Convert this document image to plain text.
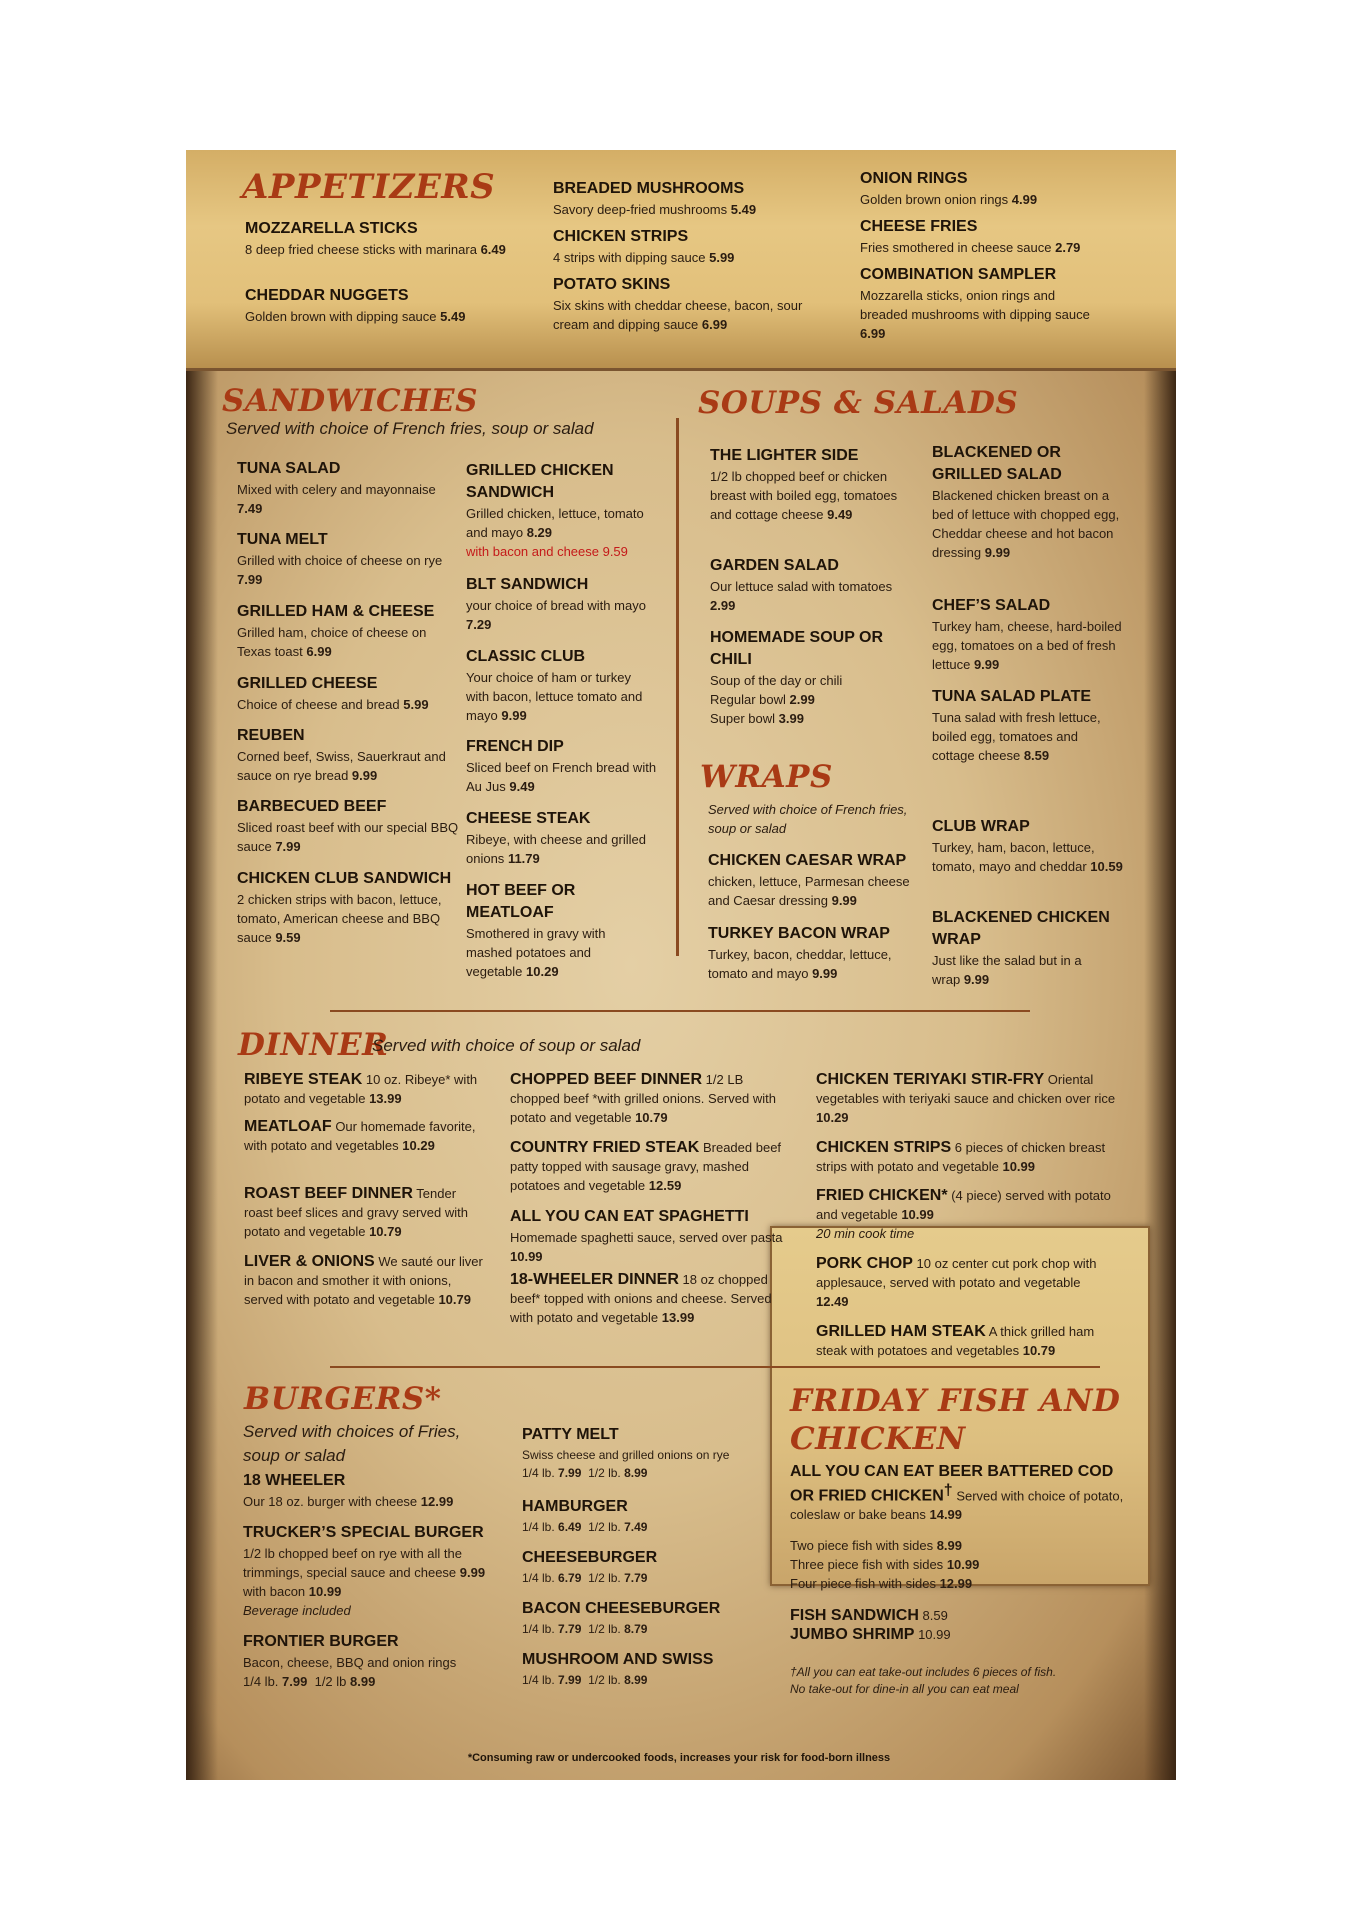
APPETIZERS
MOZZARELLA STICKS
8 deep fried cheese sticks with marinara 6.49
CHEDDAR NUGGETS
Golden brown with dipping sauce 5.49
BREADED MUSHROOMS
Savory deep-fried mushrooms 5.49
CHICKEN STRIPS
4 strips with dipping sauce 5.99
POTATO SKINS
Six skins with cheddar cheese, bacon, sour cream and dipping sauce 6.99
ONION RINGS
Golden brown onion rings 4.99
CHEESE FRIES
Fries smothered in cheese sauce 2.79
COMBINATION SAMPLER
Mozzarella sticks, onion rings and breaded mushrooms with dipping sauce 6.99
SANDWICHES

Served with choice of French fries, soup or salad

TUNA SALAD
Mixed with celery and mayonnaise 7.49
TUNA MELT
Grilled with choice of cheese on rye 7.99
GRILLED HAM & CHEESE
Grilled ham, choice of cheese on Texas toast 6.99
GRILLED CHEESE
Choice of cheese and bread 5.99
REUBEN
Corned beef, Swiss, Sauerkraut and sauce on rye bread 9.99
BARBECUED BEEF
Sliced roast beef with our special BBQ sauce 7.99
CHICKEN CLUB SANDWICH
2 chicken strips with bacon, lettuce, tomato, American cheese and BBQ sauce 9.59
GRILLED CHICKEN SANDWICH
Grilled chicken, lettuce, tomato and mayo 8.29
with bacon and cheese 9.59
BLT SANDWICH
your choice of bread with mayo 7.29
CLASSIC CLUB
Your choice of ham or turkey with bacon, lettuce tomato and mayo 9.99
FRENCH DIP
Sliced beef on French bread with Au Jus 9.49
CHEESE STEAK
Ribeye, with cheese and grilled onions 11.79
HOT BEEF OR MEATLOAF
Smothered in gravy with mashed potatoes and vegetable 10.29
SOUPS & SALADS
THE LIGHTER SIDE
1/2 lb chopped beef or chicken breast with boiled egg, tomatoes and cottage cheese 9.49
GARDEN SALAD
Our lettuce salad with tomatoes 2.99
HOMEMADE SOUP OR CHILI
Soup of the day or chili
Regular bowl 2.99
Super bowl 3.99
BLACKENED OR GRILLED SALAD
Blackened chicken breast on a bed of lettuce with chopped egg, Cheddar cheese and hot bacon dressing 9.99
CHEF’S SALAD
Turkey ham, cheese, hard-boiled egg, tomatoes on a bed of fresh lettuce 9.99
TUNA SALAD PLATE
Tuna salad with fresh lettuce, boiled egg, tomatoes and cottage cheese 8.59
WRAPS
Served with choice of French fries, soup or salad
CHICKEN CAESAR WRAP
chicken, lettuce, Parmesan cheese and Caesar dressing 9.99
TURKEY BACON WRAP
Turkey, bacon, cheddar, lettuce, tomato and mayo 9.99
CLUB WRAP
Turkey, ham, bacon, lettuce, tomato, mayo and cheddar 10.59
BLACKENED CHICKEN WRAP
Just like the salad but in a wrap 9.99
DINNER

Served with choice of soup or salad

RIBEYE STEAK 10 oz. Ribeye* with potato and vegetable 13.99
MEATLOAF Our homemade favorite, with potato and vegetables 10.29
ROAST BEEF DINNER Tender roast beef slices and gravy served with potato and vegetable 10.79
LIVER & ONIONS We sauté our liver in bacon and smother it with onions, served with potato and vegetable 10.79
CHOPPED BEEF DINNER 1/2 LB chopped beef *with grilled onions. Served with potato and vegetable 10.79
COUNTRY FRIED STEAK Breaded beef patty topped with sausage gravy, mashed potatoes and vegetable 12.59
ALL YOU CAN EAT SPAGHETTI
Homemade spaghetti sauce, served over pasta 10.99
18-WHEELER DINNER 18 oz chopped beef* topped with onions and cheese. Served with potato and vegetable 13.99
CHICKEN TERIYAKI STIR-FRY Oriental vegetables with teriyaki sauce and chicken over rice 10.29
CHICKEN STRIPS 6 pieces of chicken breast strips with potato and vegetable 10.99
FRIED CHICKEN* (4 piece) served with potato and vegetable 10.99
20 min cook time
PORK CHOP 10 oz center cut pork chop with applesauce, served with potato and vegetable 12.49
GRILLED HAM STEAK A thick grilled ham steak with potatoes and vegetables 10.79
BURGERS*
Served with choices of Fries, soup or salad
18 WHEELER
Our 18 oz. burger with cheese 12.99
TRUCKER’S SPECIAL BURGER
1/2 lb chopped beef on rye with all the trimmings, special sauce and cheese 9.99
with bacon 10.99
Beverage included
FRONTIER BURGER
Bacon, cheese, BBQ and onion rings
1/4 lb. 7.99 1/2 lb 8.99
PATTY MELT
Swiss cheese and grilled onions on rye
1/4 lb. 7.99 1/2 lb. 8.99
HAMBURGER
1/4 lb. 6.49 1/2 lb. 7.49
CHEESEBURGER
1/4 lb. 6.79 1/2 lb. 7.79
BACON CHEESEBURGER
1/4 lb. 7.79 1/2 lb. 8.79
MUSHROOM AND SWISS
1/4 lb. 7.99 1/2 lb. 8.99
FRIDAY FISH AND
CHICKEN
ALL YOU CAN EAT BEER BATTERED COD OR FRIED CHICKEN† Served with choice of potato, coleslaw or bake beans 14.99
Two piece fish with sides 8.99
Three piece fish with sides 10.99
Four piece fish with sides 12.99
FISH SANDWICH 8.59
JUMBO SHRIMP 10.99
†All you can eat take-out includes 6 pieces of fish.
No take-out for dine-in all you can eat meal
*Consuming raw or undercooked foods, increases your risk for food-born illness
